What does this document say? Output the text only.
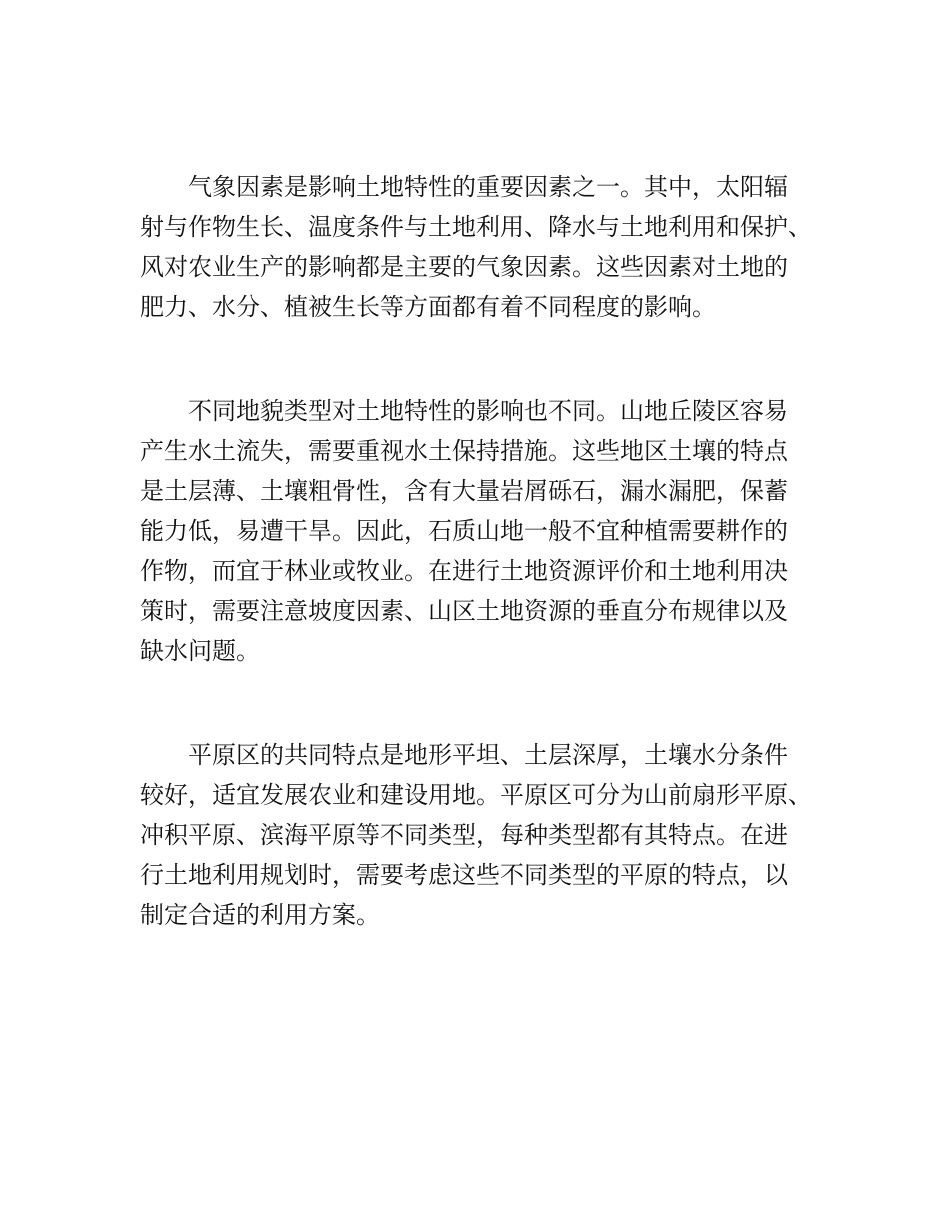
气象因素是影响土地特性的重要因素之一。其中，太阳辐
射与作物生长、温度条件与土地利用、降水与土地利用和保护、
风对农业生产的影响都是主要的气象因素。这些因素对土地的
肥力、水分、植被生长等方面都有着不同程度的影响。

不同地貌类型对土地特性的影响也不同。山地丘陵区容易
产生水土流失，需要重视水土保持措施。这些地区土壤的特点
是土层薄、土壤粗骨性，含有大量岩屑砾石，漏水漏肥，保蓄
能力低，易遭干旱。因此，石质山地一般不宜种植需要耕作的
作物，而宜于林业或牧业。在进行土地资源评价和土地利用决
策时，需要注意坡度因素、山区土地资源的垂直分布规律以及
缺水问题。

平原区的共同特点是地形平坦、土层深厚，土壤水分条件
较好，适宜发展农业和建设用地。平原区可分为山前扇形平原、
冲积平原、滨海平原等不同类型，每种类型都有其特点。在进
行土地利用规划时，需要考虑这些不同类型的平原的特点，以
制定合适的利用方案。
